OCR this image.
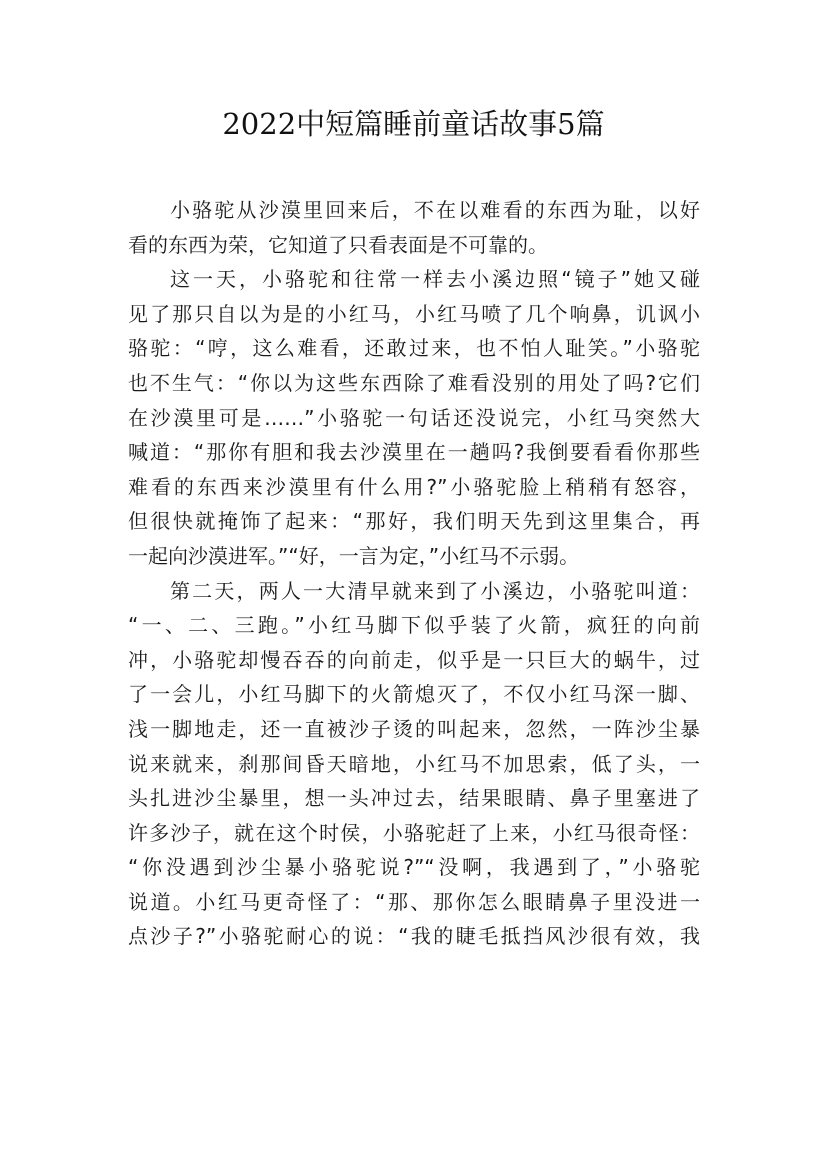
2022中短篇睡前童话故事5篇
小骆驼从沙漠里回来后，不在以难看的东西为耻，以好
看的东西为荣，它知道了只看表面是不可靠的。
这一天，小骆驼和往常一样去小溪边照“镜子”她又碰
见了那只自以为是的小红马，小红马喷了几个响鼻，讥讽小
骆驼：“哼，这么难看，还敢过来，也不怕人耻笑。”小骆驼
也不生气：“你以为这些东西除了难看没别的用处了吗?它们
在沙漠里可是……”小骆驼一句话还没说完，小红马突然大
喊道：“那你有胆和我去沙漠里在一趟吗?我倒要看看你那些
难看的东西来沙漠里有什么用?”小骆驼脸上稍稍有怒容，
但很快就掩饰了起来：“那好，我们明天先到这里集合，再
一起向沙漠进军。”“好，一言为定，”小红马不示弱。
第二天，两人一大清早就来到了小溪边，小骆驼叫道：
“一、二、三跑。”小红马脚下似乎装了火箭，疯狂的向前
冲，小骆驼却慢吞吞的向前走，似乎是一只巨大的蜗牛，过
了一会儿，小红马脚下的火箭熄灭了，不仅小红马深一脚、
浅一脚地走，还一直被沙子烫的叫起来，忽然，一阵沙尘暴
说来就来，刹那间昏天暗地，小红马不加思索，低了头，一
头扎进沙尘暴里，想一头冲过去，结果眼睛、鼻子里塞进了
许多沙子，就在这个时侯，小骆驼赶了上来，小红马很奇怪：
“你没遇到沙尘暴小骆驼说?”“没啊，我遇到了，”小骆驼
说道。小红马更奇怪了：“那、那你怎么眼睛鼻子里没进一
点沙子?”小骆驼耐心的说：“我的睫毛抵挡风沙很有效，我
